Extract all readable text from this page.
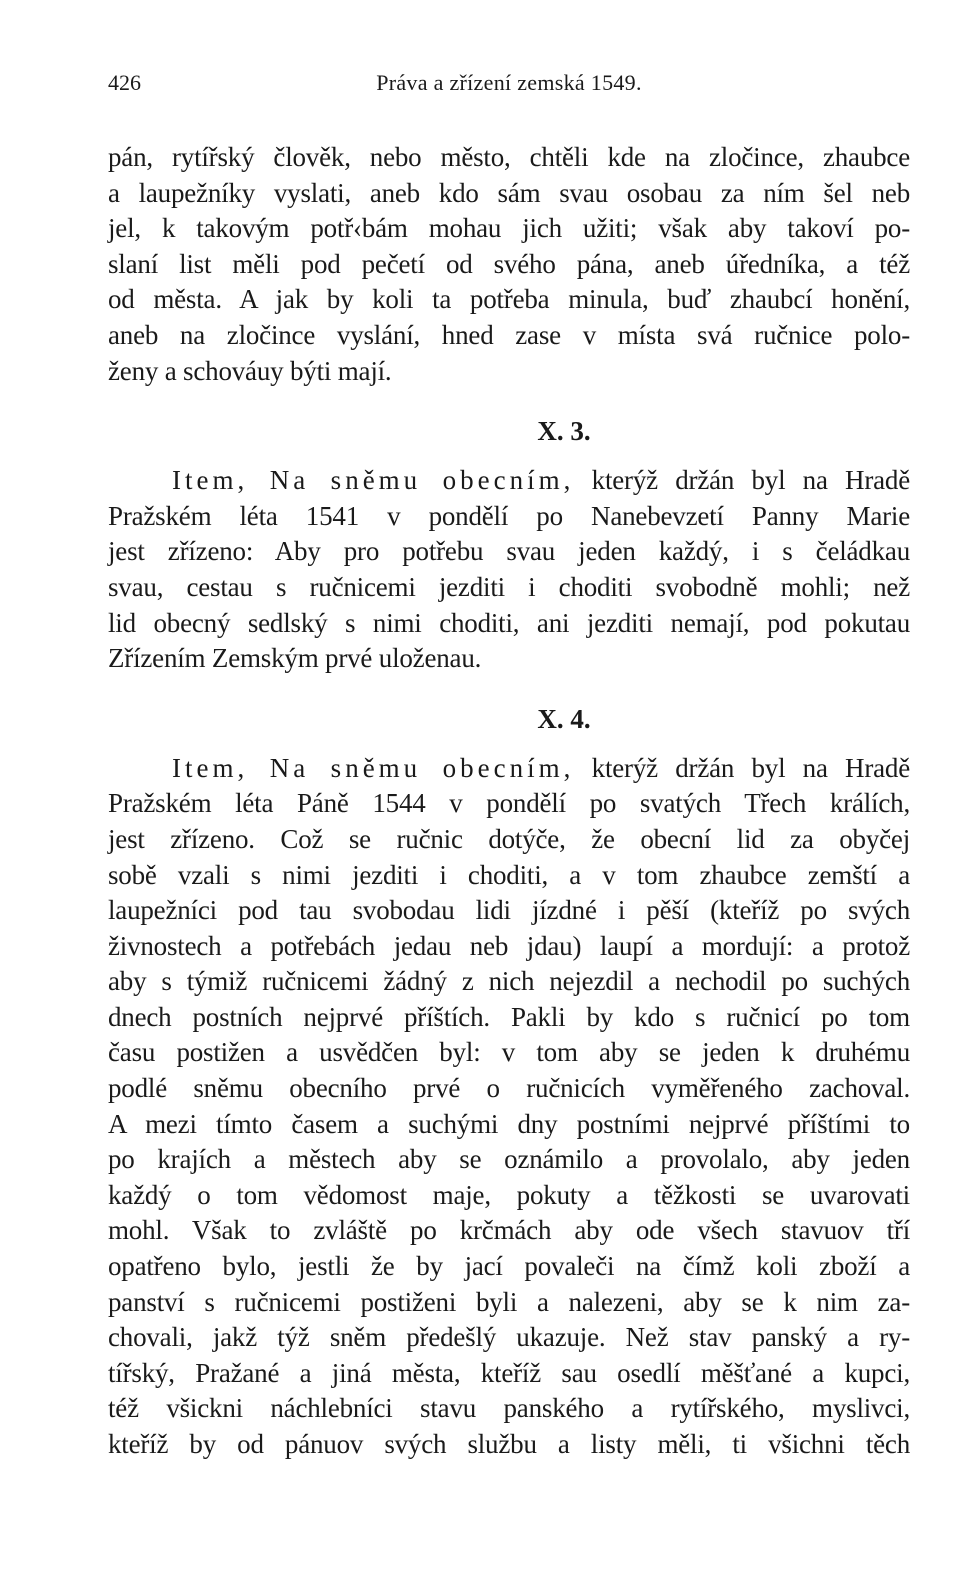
426	Práva a zřízení zemská 1549.
pán, rytířský člověk, nebo město, chtěli kde na zločince, zhaubce
a laupežníky vyslati, aneb kdo sám svau osobau za ním šel neb
jel, k takovým potř‹bám mohau jich užiti; však aby takoví po-
slaní list měli pod pečetí od svého pána, aneb úředníka, a též
od města. A jak by koli ta potřeba minula, buď zhaubcí honění,
aneb na zločince vyslání, hned zase v místa svá ručnice polo-
ženy a schováuy býti mají.
X. 3.
Item, Na sněmu obecním, kterýž držán byl na Hradě
Pražském léta 1541 v pondělí po Nanebevzetí Panny Marie
jest zřízeno: Aby pro potřebu svau jeden každý, i s čeládkau
svau, cestau s ručnicemi jezditi i choditi svobodně mohli; než
lid obecný sedlský s nimi choditi, ani jezditi nemají, pod pokutau
Zřízením Zemským prvé uloženau.
X. 4.
Item, Na sněmu obecním, kterýž držán byl na Hradě
Pražském léta Páně 1544 v pondělí po svatých Třech králích,
jest zřízeno. Což se ručnic dotýče, že obecní lid za obyčej
sobě vzali s nimi jezditi i choditi, a v tom zhaubce zemští a
laupežníci pod tau svobodau lidi jízdné i pěší (kteříž po svých
živnostech a potřebách jedau neb jdau) laupí a mordují: a protož
aby s týmiž ručnicemi žádný z nich nejezdil a nechodil po suchých
dnech postních nejprvé příštích. Pakli by kdo s ručnicí po tom
času postižen a usvědčen byl: v tom aby se jeden k druhému
podlé sněmu obecního prvé o ručnicích vyměřeného zachoval.
A mezi tímto časem a suchými dny postními nejprvé příštími to
po krajích a městech aby se oznámilo a provolalo, aby jeden
každý o tom vědomost maje, pokuty a těžkosti se uvarovati
mohl. Však to zvláště po krčmách aby ode všech stavuov tří
opatřeno bylo, jestli že by jací povaleči na čímž koli zboží a
panství s ručnicemi postiženi byli a nalezeni, aby se k nim za-
chovali, jakž týž sněm předešlý ukazuje. Než stav panský a ry-
tířský, Pražané a jiná města, kteříž sau osedlí měšťané a kupci,
též všickni náchlebníci stavu panského a rytířského, myslivci,
kteříž by od pánuov svých službu a listy měli, ti všichni těch
